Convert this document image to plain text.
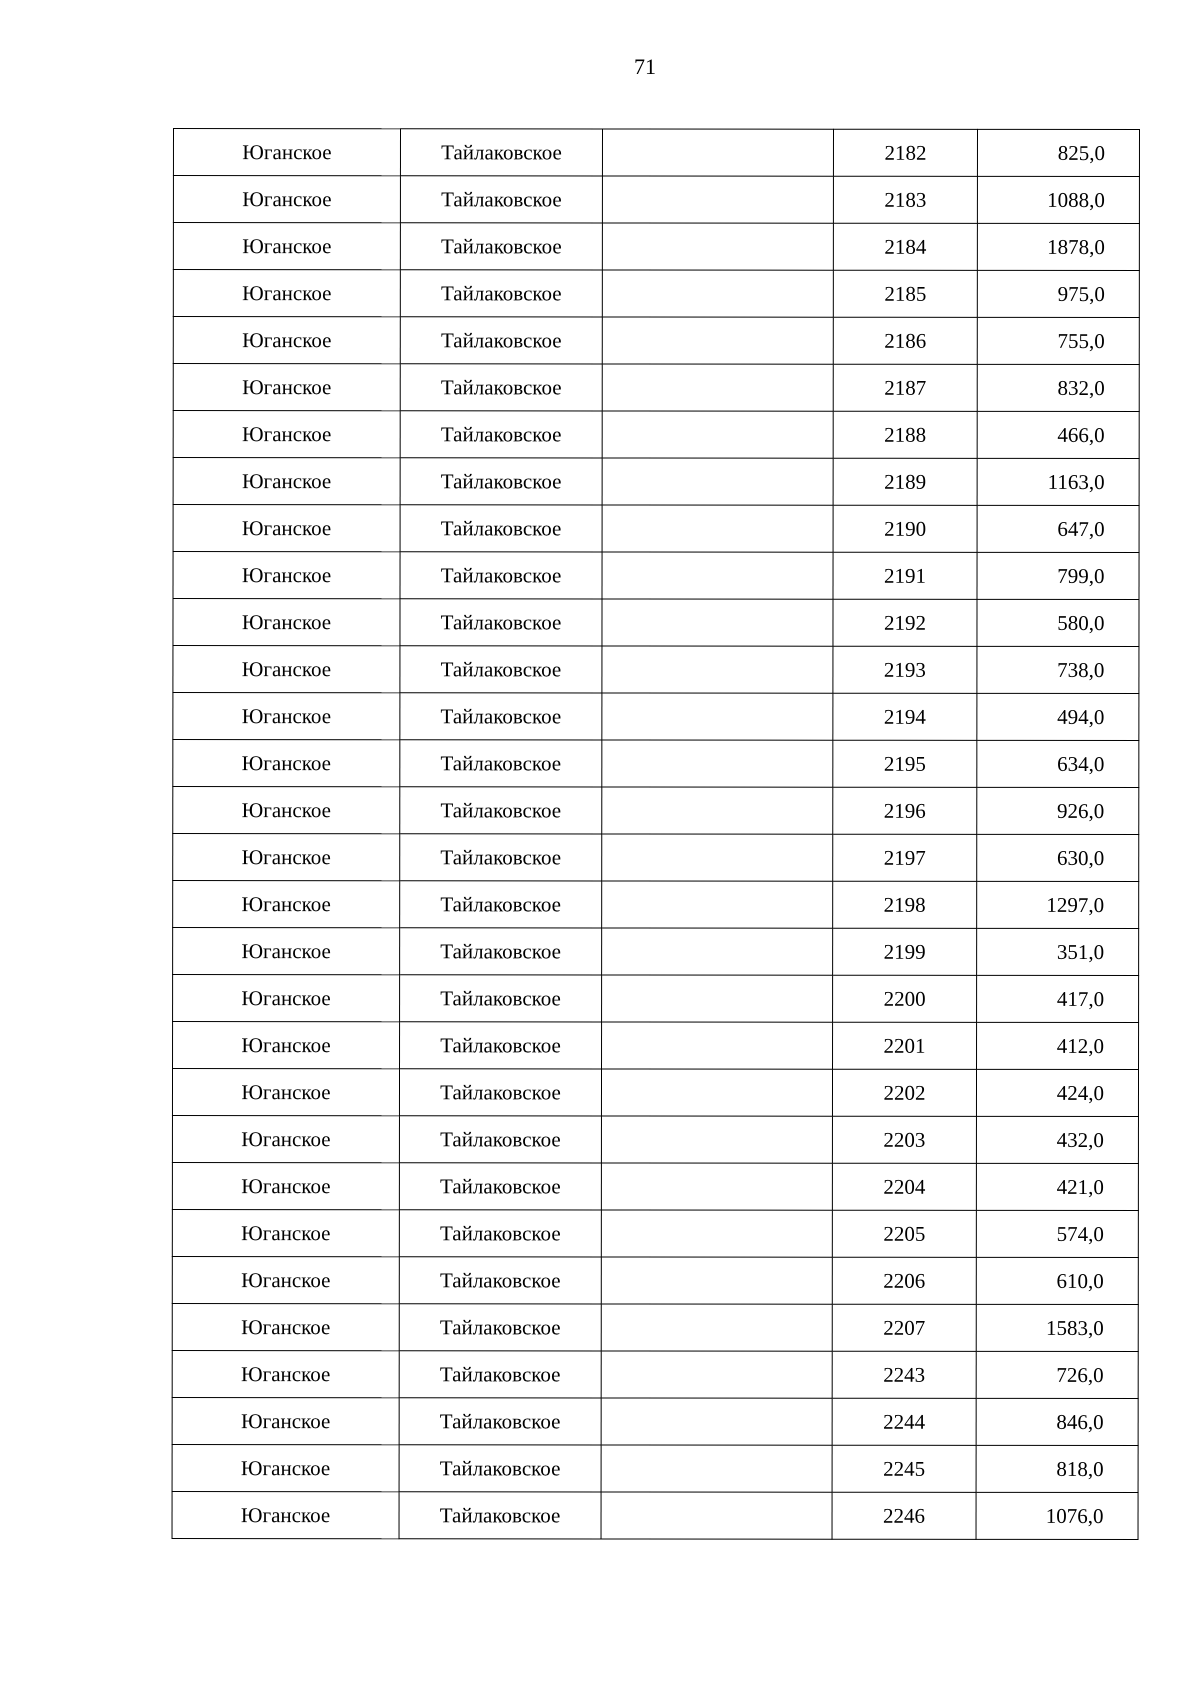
71
Юганское	Тайлаковское		2182	825,0
Юганское	Тайлаковское		2183	1088,0
Юганское	Тайлаковское		2184	1878,0
Юганское	Тайлаковское		2185	975,0
Юганское	Тайлаковское		2186	755,0
Юганское	Тайлаковское		2187	832,0
Юганское	Тайлаковское		2188	466,0
Юганское	Тайлаковское		2189	1163,0
Юганское	Тайлаковское		2190	647,0
Юганское	Тайлаковское		2191	799,0
Юганское	Тайлаковское		2192	580,0
Юганское	Тайлаковское		2193	738,0
Юганское	Тайлаковское		2194	494,0
Юганское	Тайлаковское		2195	634,0
Юганское	Тайлаковское		2196	926,0
Юганское	Тайлаковское		2197	630,0
Юганское	Тайлаковское		2198	1297,0
Юганское	Тайлаковское		2199	351,0
Юганское	Тайлаковское		2200	417,0
Юганское	Тайлаковское		2201	412,0
Юганское	Тайлаковское		2202	424,0
Юганское	Тайлаковское		2203	432,0
Юганское	Тайлаковское		2204	421,0
Юганское	Тайлаковское		2205	574,0
Юганское	Тайлаковское		2206	610,0
Юганское	Тайлаковское		2207	1583,0
Юганское	Тайлаковское		2243	726,0
Юганское	Тайлаковское		2244	846,0
Юганское	Тайлаковское		2245	818,0
Юганское	Тайлаковское		2246	1076,0
